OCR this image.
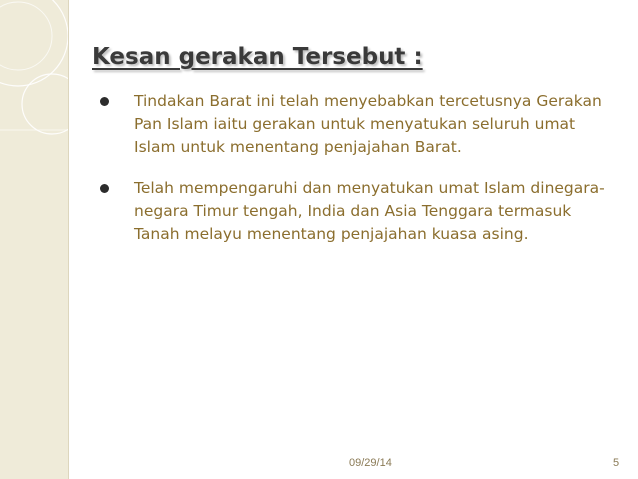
Kesan gerakan Tersebut :
Tindakan Barat ini telah menyebabkan tercetusnya Gerakan Pan Islam iaitu gerakan untuk menyatukan seluruh umat Islam untuk menentang penjajahan Barat.
Telah mempengaruhi dan menyatukan umat Islam dinegara-negara Timur tengah, India dan Asia Tenggara termasuk Tanah melayu menentang penjajahan kuasa asing.
09/29/14	5
